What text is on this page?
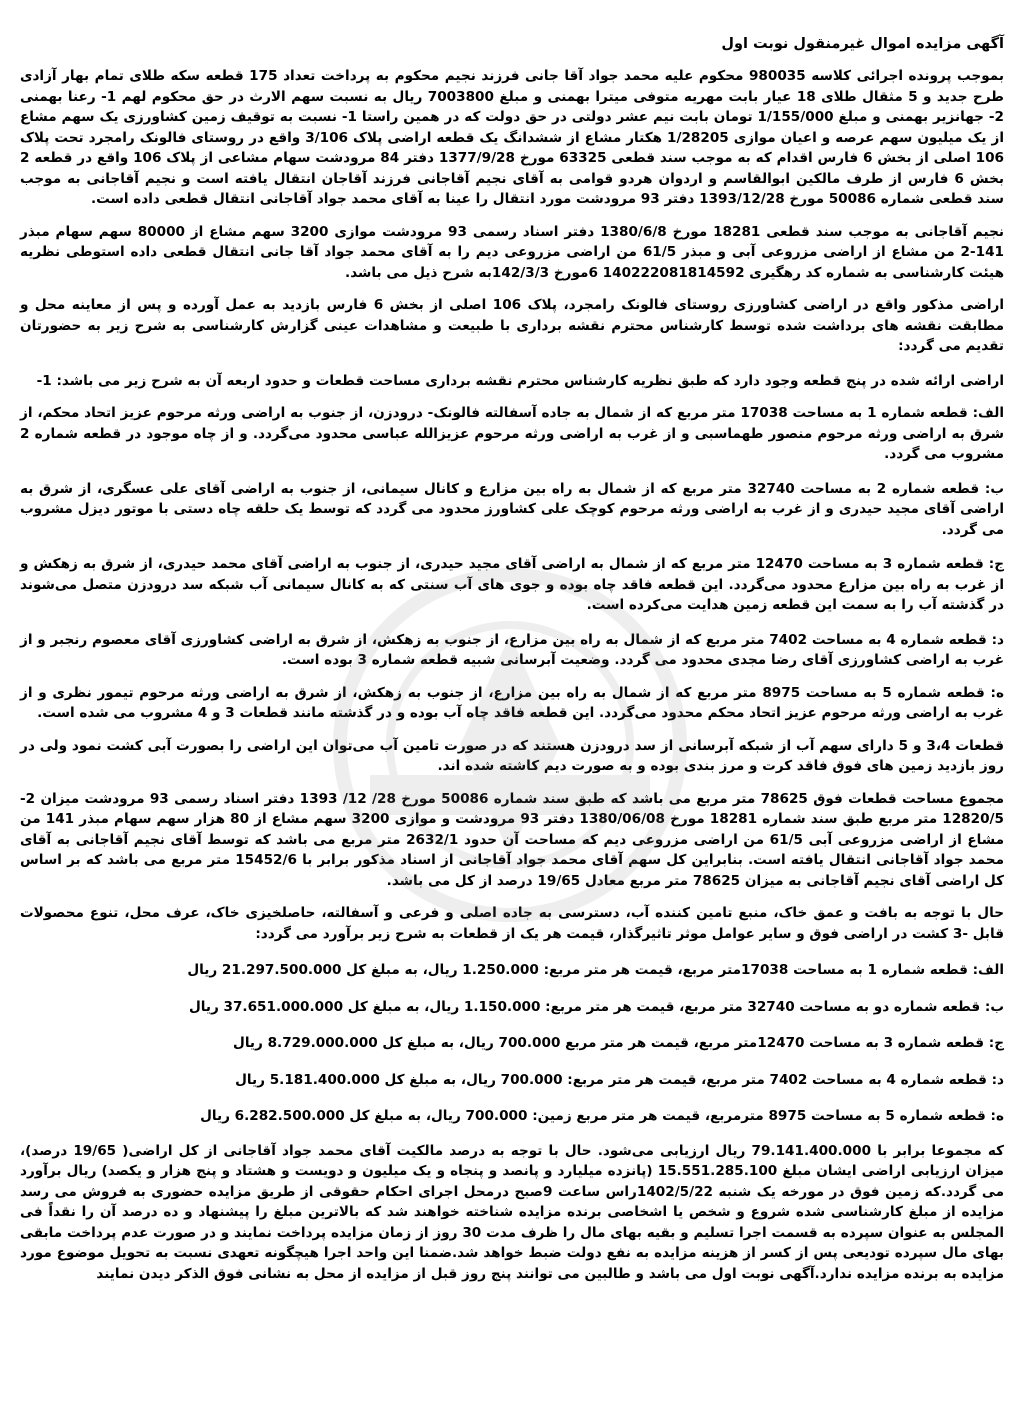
آگهی مزایده اموال غیرمنقول نوبت اول

بموجب پرونده اجرائی کلاسه 980035 محکوم علیه محمد جواد آقا جانی فرزند نجیم محکوم به پرداخت تعداد 175 قطعه سکه طلای تمام بهار آزادی طرح جدید و 5 مثقال طلای 18 عیار بابت مهریه متوفی میترا بهمنی و مبلغ 7003800 ریال به نسبت سهم الارث در حق محکوم لهم 1- رعنا بهمنی 2- جهانزیر بهمنی و مبلغ 1/155/000 تومان بابت نیم عشر دولتی در حق دولت که در همین راستا 1- نسبت به توقیف زمین کشاورزی یک سهم مشاع از یک میلیون سهم عرصه و اعیان موازی 1/28205 هکتار مشاع از ششدانگ یک قطعه اراضی پلاک 3/106 واقع در روستای فالونک رامجرد تحت پلاک 106 اصلی از بخش 6 فارس اقدام که به موجب سند قطعی 63325 مورخ 1377/9/28 دفتر 84 مرودشت سهام مشاعی از پلاک 106 واقع در قطعه 2 بخش 6 فارس از طرف مالکین ابوالقاسم و اردوان هردو قوامی به آقای نجیم آقاجانی فرزند آقاجان انتقال یافته است و نجیم آقاجانی به موجب سند قطعی شماره 50086 مورخ 1393/12/28 دفتر 93 مرودشت مورد انتقال را عینا به آقای محمد جواد آقاجانی انتقال قطعی داده است.

نجیم آقاجانی به موجب سند قطعی 18281 مورخ 1380/6/8 دفتر اسناد رسمی 93 مرودشت موازی 3200 سهم مشاع از 80000 سهم سهام مبذر 141-2 من مشاع از اراضی مزروعی آبی و مبذر 61/5 من اراضی مزروعی دیم را به آقای محمد جواد آقا جانی انتقال قطعی داده استوطی نظریه هیئت کارشناسی به شماره کد رهگیری 140222081814592 6مورخ 142/3/3به شرح ذیل می باشد.

اراضی مذکور واقع در اراضی کشاورزی روستای فالونک رامجرد، پلاک 106 اصلی از بخش 6 فارس بازدید به عمل آورده و پس از معاینه محل و مطابقت نقشه های برداشت شده توسط کارشناس محترم نقشه برداری با طبیعت و مشاهدات عینی گزارش کارشناسی به شرح زیر به حضورتان تقدیم می گردد:

اراضی ارائه شده در پنج قطعه وجود دارد که طبق نظریه کارشناس محترم نقشه برداری مساحت قطعات و حدود اربعه آن به شرح زیر می باشد: 1-

الف: قطعه شماره 1 به مساحت 17038 متر مربع که از شمال به جاده آسفالته فالونک- درودزن، از جنوب به اراضی ورثه مرحوم عزیز اتحاد محکم، از شرق به اراضی ورثه مرحوم منصور طهماسبی و از غرب به اراضی ورثه مرحوم عزیزالله عباسی محدود می‌گردد. و از چاه موجود در قطعه شماره 2 مشروب می گردد.

ب: قطعه شماره 2 به مساحت 32740 متر مربع که از شمال به راه بین مزارع و کانال سیمانی، از جنوب به اراضی آقای علی عسگری، از شرق به اراضی آقای مجید حیدری و از غرب به اراضی ورثه مرحوم کوچک علی کشاورز محدود می گردد که توسط یک حلقه چاه دستی با موتور دیزل مشروب می گردد.

ج: قطعه شماره 3 به مساحت 12470 متر مربع که از شمال به اراضی آقای مجید حیدری، از جنوب به اراضی آقای محمد حیدری، از شرق به زهکش و از غرب به راه بین مزارع محدود می‌گردد. این قطعه فاقد چاه بوده و جوی های آب سنتی که به کانال سیمانی آب شبکه سد درودزن متصل می‌شوند در گذشته آب را به سمت این قطعه زمین هدایت می‌کرده است.

د: قطعه شماره 4 به مساحت 7402 متر مربع که از شمال به راه بین مزارع، از جنوب به زهکش، از شرق به اراضی کشاورزی آقای معصوم رنجبر و از غرب به اراضی کشاورزی آقای رضا مجدی محدود می گردد. وضعیت آبرسانی شبیه قطعه شماره 3 بوده است.

ه: قطعه شماره 5 به مساحت 8975 متر مربع که از شمال به راه بین مزارع، از جنوب به زهکش، از شرق به اراضی ورثه مرحوم تیمور نظری و از غرب به اراضی ورثه مرحوم عزیز اتحاد محکم محدود می‌گردد. این قطعه فاقد چاه آب بوده و در گذشته مانند قطعات 3 و 4 مشروب می شده است.

قطعات 3،4 و 5 دارای سهم آب از شبکه آبرسانی از سد درودزن هستند که در صورت تامین آب می‌توان این اراضی را بصورت آبی کشت نمود ولی در روز بازدید زمین های فوق فاقد کرت و مرز بندی بوده و به صورت دیم کاشته شده اند.

مجموع مساحت قطعات فوق 78625 متر مربع می باشد که طبق سند شماره 50086 مورخ 28/ 12/ 1393 دفتر اسناد رسمی 93 مرودشت میزان 2- 12820/5 متر مربع طبق سند شماره 18281 مورخ 1380/06/08 دفتر 93 مرودشت و موازی 3200 سهم مشاع از 80 هزار سهم سهام مبذر 141 من مشاع از اراضی مزروعی آبی 61/5 من اراضی مزروعی دیم که مساحت آن حدود 2632/1 متر مربع می باشد که توسط آقای نجیم آقاجانی به آقای محمد جواد آقاجانی انتقال یافته است. بنابراین کل سهم آقای محمد جواد آقاجانی از اسناد مذکور برابر با 15452/6 متر مربع می باشد که بر اساس کل اراضی آقای نجیم آقاجانی به میزان 78625 متر مربع معادل 19/65 درصد از کل می باشد.

حال با توجه به بافت و عمق خاک، منبع تامین کننده آب، دسترسی به جاده اصلی و فرعی و آسفالته، حاصلخیزی خاک، عرف محل، تنوع محصولات قابل -3 کشت در اراضی فوق و سایر عوامل موثر تاثیرگذار، قیمت هر یک از قطعات به شرح زیر برآورد می گردد:

الف: قطعه شماره 1 به مساحت 17038متر مربع، قیمت هر متر مربع: 1.250.000 ریال، به مبلغ کل 21.297.500.000 ریال

ب: قطعه شماره دو به مساحت 32740 متر مربع، قیمت هر متر مربع: 1.150.000 ریال، به مبلغ کل 37.651.000.000 ریال

ج: قطعه شماره 3 به مساحت 12470متر مربع، قیمت هر متر مربع 700.000 ریال، به مبلغ کل 8.729.000.000 ریال

د: قطعه شماره 4 به مساحت 7402 متر مربع، قیمت هر متر مربع: 700.000 ریال، به مبلغ کل 5.181.400.000 ریال

ه: قطعه شماره 5 به مساحت 8975 مترمربع، قیمت هر متر مربع زمین: 700.000 ریال، به مبلغ کل 6.282.500.000 ریال

که مجموعا برابر با 79.141.400.000 ریال ارزیابی می‌شود. حال با توجه به درصد مالکیت آقای محمد جواد آقاجانی از کل اراضی( 19/65 درصد)، میزان ارزیابی اراضی ایشان مبلغ 15.551.285.100 (پانزده میلیارد و پانصد و پنجاه و یک میلیون و دویست و هشتاد و پنج هزار و یکصد) ریال برآورد می گردد.که زمین فوق در مورخه یک شنبه 1402/5/22راس ساعت 9صبح درمحل اجرای احکام حقوقی از طریق مزایده حضوری به فروش می رسد مزایده از مبلغ کارشناسی شده شروع و شخص یا اشخاصی برنده مزایده شناخته خواهند شد که بالاترین مبلغ را پیشنهاد و ده درصد آن را نقداً فی المجلس به عنوان سپرده به قسمت اجرا تسلیم و بقیه بهای مال را ظرف مدت 30 روز از زمان مزایده پرداخت نمایند و در صورت عدم پرداخت مابقی بهای مال سپرده تودیعی پس از کسر از هزینه مزایده به نفع دولت ضبط خواهد شد.ضمنا این واحد اجرا هیچگونه تعهدی نسبت به تحویل موضوع مورد مزایده به برنده مزایده ندارد.آگهی نوبت اول می باشد و طالبین می توانند پنج روز قبل از مزایده از محل به نشانی فوق الذکر دیدن نمایند
